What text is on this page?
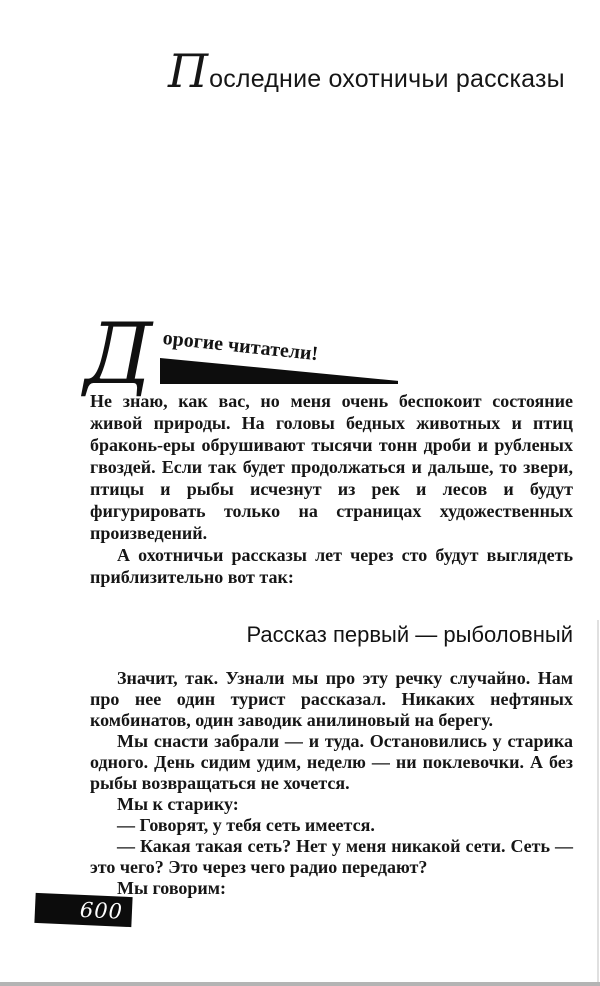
Последние охотничьи рассказы
Д орогие читатели!

Не знаю, как вас, но меня очень беспокоит состояние живой природы. На головы бедных животных и птиц браконь-еры обрушивают тысячи тонн дроби и рубленых гвоздей. Если так будет продолжаться и дальше, то звери, птицы и рыбы исчезнут из рек и лесов и будут фигурировать только на страницах художественных произведений.

А охотничьи рассказы лет через сто будут выглядеть приблизительно вот так:

Рассказ первый — рыболовный

Значит, так. Узнали мы про эту речку случайно. Нам про нее один турист рассказал. Никаких нефтяных комбинатов, один заводик анилиновый на берегу.

Мы снасти забрали — и туда. Остановились у старика одного. День сидим удим, неделю — ни поклевочки. А без рыбы возвращаться не хочется.

Мы к старику:

— Говорят, у тебя сеть имеется.

— Какая такая сеть? Нет у меня никакой сети. Сеть — это чего? Это через чего радио передают?

Мы говорим:

600
